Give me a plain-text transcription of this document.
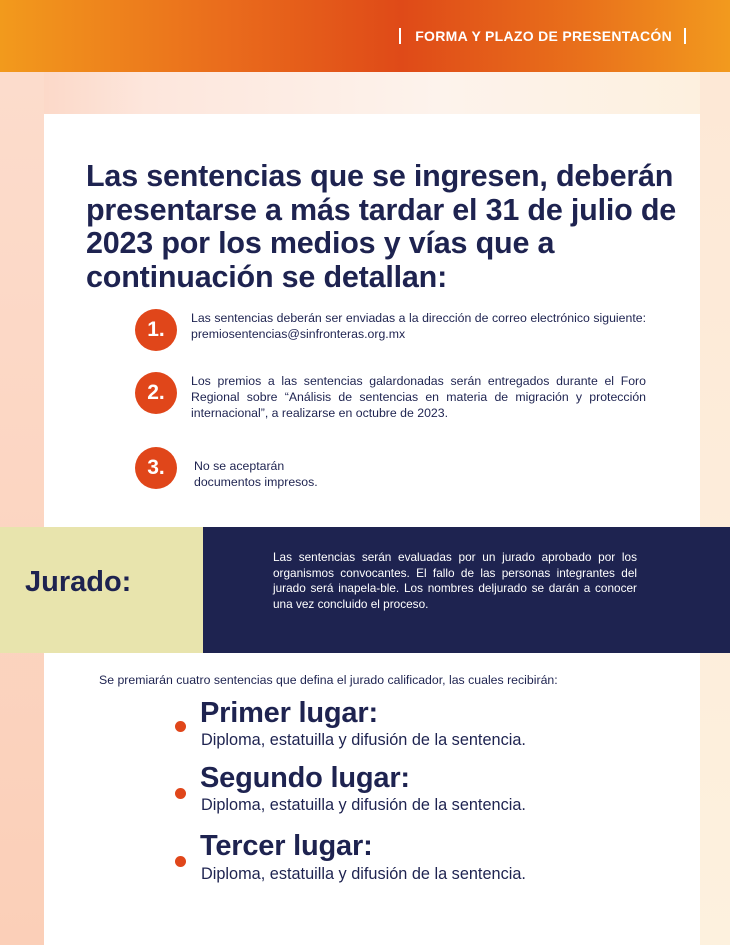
FORMA Y PLAZO DE PRESENTACÓN
Las sentencias que se ingresen, deberán presentarse a más tardar el 31 de julio de 2023 por los medios y vías que a continuación se detallan:
1.	Las sentencias deberán ser enviadas a la dirección de correo electrónico siguiente: premiosentencias@sinfronteras.org.mx
2.	Los premios a las sentencias galardonadas serán entregados durante el Foro Regional sobre “Análisis de sentencias en materia de migración y protección internacional”, a realizarse en octubre de 2023.
3.	No se aceptarán
documentos impresos.
Jurado:
Las sentencias serán evaluadas por un jurado aprobado por los organismos convocantes. El fallo de las personas integrantes del jurado será inapela-ble. Los nombres deljurado se darán a conocer una vez concluido el proceso.
Se premiarán cuatro sentencias que defina el jurado calificador, las cuales recibirán:
Primer lugar:
Diploma, estatuilla y difusión de la sentencia.
Segundo lugar:
Diploma, estatuilla y difusión de la sentencia.
Tercer lugar:
Diploma, estatuilla y difusión de la sentencia.
